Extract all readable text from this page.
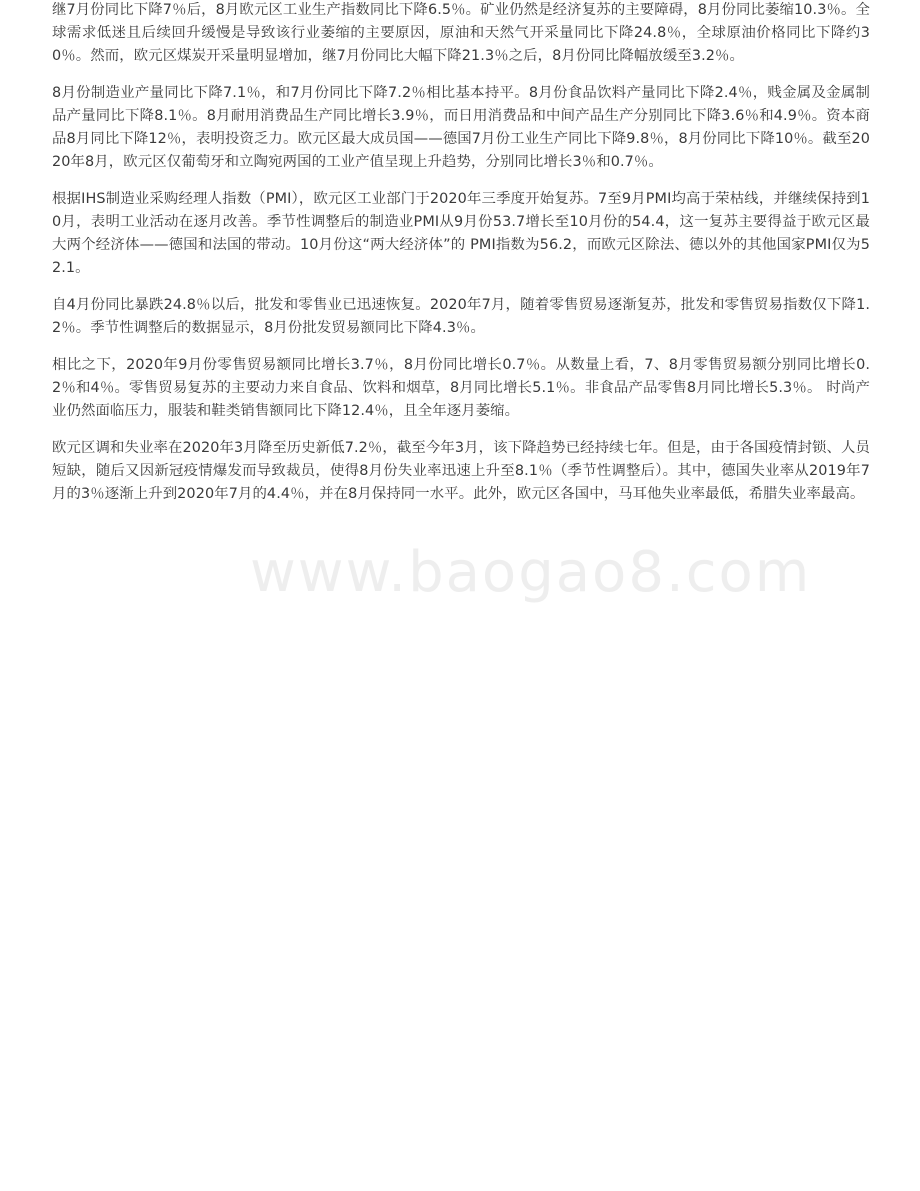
继7月份同比下降7％后，8月欧元区工业生产指数同比下降6.5％。矿业仍然是经济复苏的主要障碍，8月份同比萎缩10.3％。全球需求低迷且后续回升缓慢是导致该行业萎缩的主要原因，原油和天然气开采量同比下降24.8％，全球原油价格同比下降约30％。然而，欧元区煤炭开采量明显增加，继7月份同比大幅下降21.3％之后，8月份同比降幅放缓至3.2％。

8月份制造业产量同比下降7.1％，和7月份同比下降7.2％相比基本持平。8月份食品饮料产量同比下降2.4％，贱金属及金属制品产量同比下降8.1％。8月耐用消费品生产同比增长3.9％，而日用消费品和中间产品生产分别同比下降3.6％和4.9％。资本商品8月同比下降12％，表明投资乏力。欧元区最大成员国——德国7月份工业生产同比下降9.8％，8月份同比下降10％。截至2020年8月，欧元区仅葡萄牙和立陶宛两国的工业产值呈现上升趋势，分别同比增长3％和0.7％。

根据IHS制造业采购经理人指数（PMI），欧元区工业部门于2020年三季度开始复苏。7至9月PMI均高于荣枯线，并继续保持到10月，表明工业活动在逐月改善。季节性调整后的制造业PMI从9月份53.7增长至10月份的54.4，这一复苏主要得益于欧元区最大两个经济体——德国和法国的带动。10月份这“两大经济体”的 PMI指数为56.2，而欧元区除法、德以外的其他国家PMI仅为52.1。

自4月份同比暴跌24.8％以后，批发和零售业已迅速恢复。2020年7月，随着零售贸易逐渐复苏，批发和零售贸易指数仅下降1.2％。季节性调整后的数据显示，8月份批发贸易额同比下降4.3％。

相比之下，2020年9月份零售贸易额同比增长3.7％，8月份同比增长0.7％。从数量上看，7、8月零售贸易额分别同比增长0.2％和4％。零售贸易复苏的主要动力来自食品、饮料和烟草，8月同比增长5.1％。非食品产品零售8月同比增长5.3％。 时尚产业仍然面临压力，服装和鞋类销售额同比下降12.4％，且全年逐月萎缩。

欧元区调和失业率在2020年3月降至历史新低7.2％，截至今年3月，该下降趋势已经持续七年。但是，由于各国疫情封锁、人员短缺，随后又因新冠疫情爆发而导致裁员，使得8月份失业率迅速上升至8.1％（季节性调整后）。其中，德国失业率从2019年7月的3％逐渐上升到2020年7月的4.4％，并在8月保持同一水平。此外，欧元区各国中，马耳他失业率最低，希腊失业率最高。

www.baogao8.com
